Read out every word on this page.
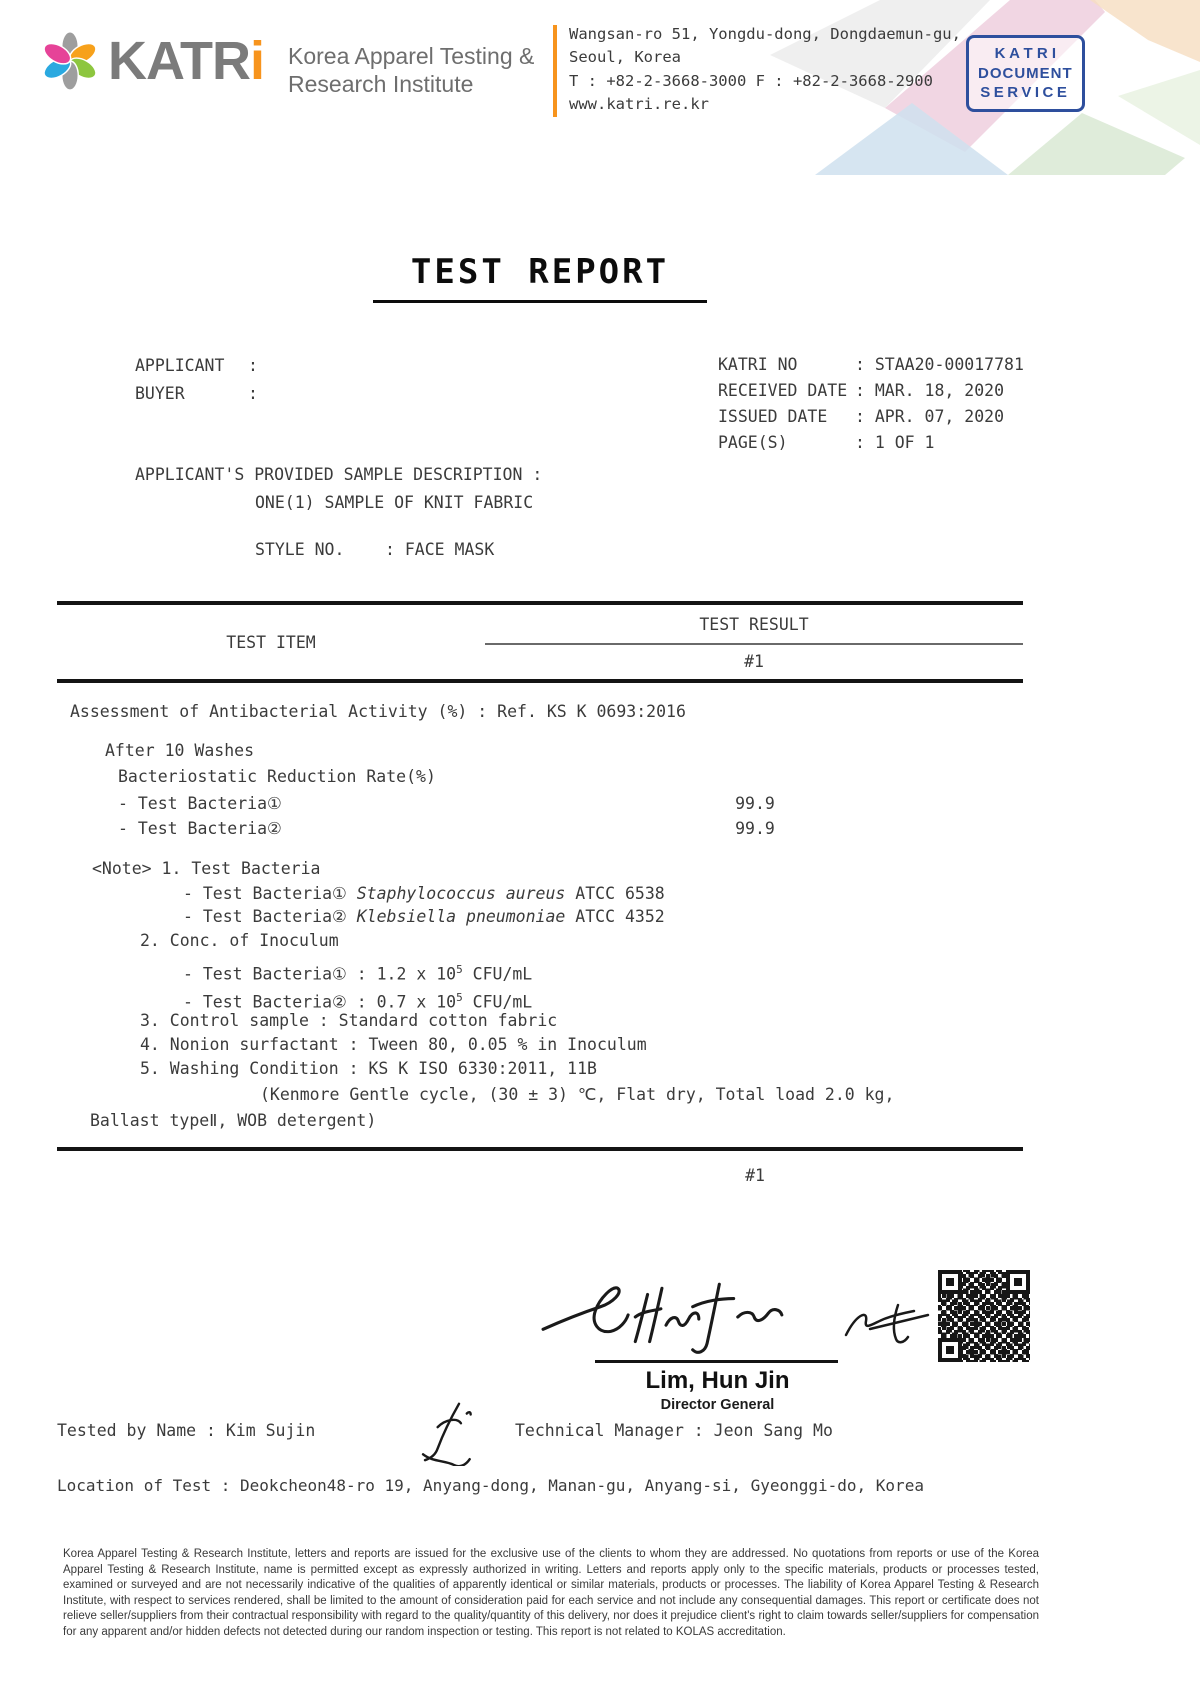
KATRi Korea Apparel Testing &
Research Institute
Wangsan-ro 51, Yongdu-dong, Dongdaemun-gu,
Seoul, Korea
T : +82-2-3668-3000 F : +82-2-3668-2900
www.katri.re.kr
K A T R I
DOCUMENT
SERVICE
TEST REPORT
APPLICANT :
BUYER	:
KATRI NO	: STAA20-00017781
RECEIVED DATE : MAR. 18, 2020
ISSUED DATE : APR. 07, 2020
PAGE(S)	: 1 OF 1
APPLICANT'S PROVIDED SAMPLE DESCRIPTION :
ONE(1) SAMPLE OF KNIT FABRIC
STYLE NO. : FACE MASK
TEST ITEM
TEST RESULT
#1
Assessment of Antibacterial Activity (%) : Ref. KS K 0693:2016
After 10 Washes
Bacteriostatic Reduction Rate(%)
- Test Bacteria①	99.9
- Test Bacteria②	99.9
<Note> 1. Test Bacteria
- Test Bacteria① Staphylococcus aureus ATCC 6538
- Test Bacteria② Klebsiella pneumoniae ATCC 4352
2. Conc. of Inoculum
- Test Bacteria① : 1.2 x $10^5$ CFU/mL
- Test Bacteria② : 0.7 x $10^5$ CFU/mL
3. Control sample : Standard cotton fabric
4. Nonion surfactant : Tween 80, 0.05 % in Inoculum
5. Washing Condition : KS K ISO 6330:2011, 11B
(Kenmore Gentle cycle, (30 ± 3) ℃, Flat dry, Total load 2.0 kg,
Ballast typeⅡ, WOB detergent)
#1
Lim, Hun Jin
Director General
Technical Manager : Jeon Sang Mo
Tested by Name : Kim Sujin
Location of Test : Deokcheon48-ro 19, Anyang-dong, Manan-gu, Anyang-si, Gyeonggi-do, Korea
Korea Apparel Testing & Research Institute, letters and reports are issued for the exclusive use of the clients to whom they are addressed. No quotations from reports or use of the Korea Apparel Testing & Research Institute, name is permitted except as expressly authorized in writing. Letters and reports apply only to the specific materials, products or processes tested, examined or surveyed and are not necessarily indicative of the qualities of apparently identical or similar materials, products or processes. The liability of Korea Apparel Testing & Research Institute, with respect to services rendered, shall be limited to the amount of consideration paid for each service and not include any consequential damages. This report or certificate does not relieve seller/suppliers from their contractual responsibility with regard to the quality/quantity of this delivery, nor does it prejudice client's right to claim towards seller/suppliers for compensation for any apparent and/or hidden defects not detected during our random inspection or testing. This report is not related to KOLAS accreditation.
